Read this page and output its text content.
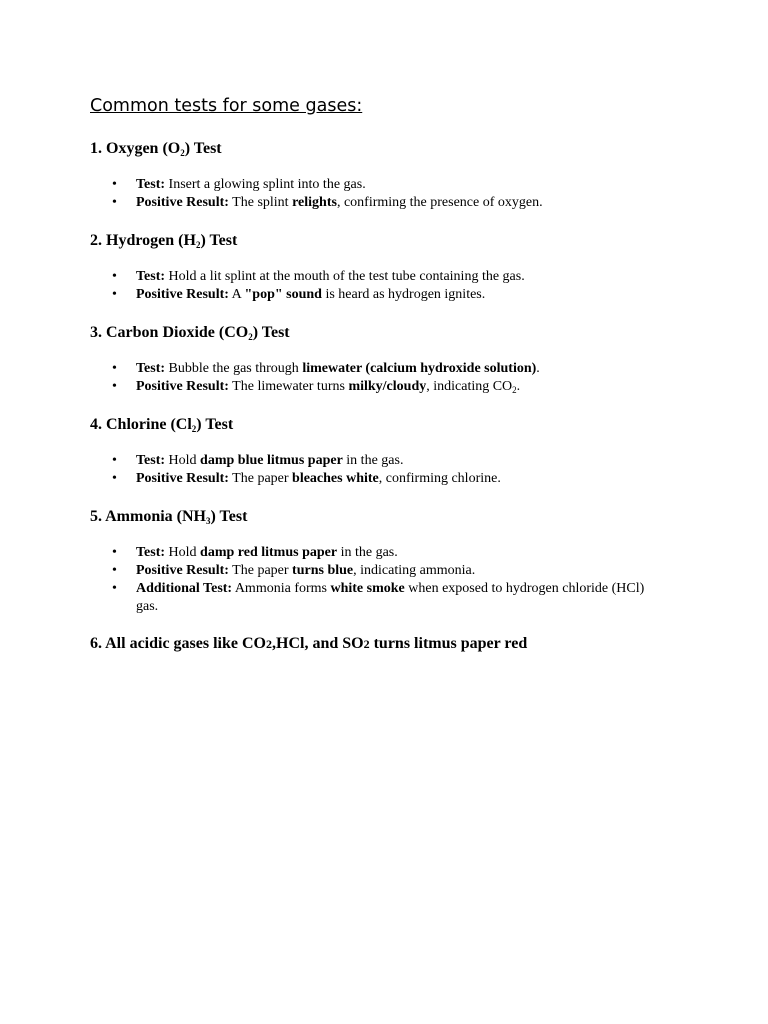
Common tests for some gases:
1. Oxygen $(O_2)$ Test
• Test: Insert a glowing splint into the gas.
• Positive Result: The splint relights, confirming the presence of oxygen.
2. Hydrogen $(H_2)$ Test
• Test: Hold a lit splint at the mouth of the test tube containing the gas.
• Positive Result: A "pop" sound is heard as hydrogen ignites.
3. Carbon Dioxide $(CO_2)$ Test
• Test: Bubble the gas through limewater (calcium hydroxide solution).
• Positive Result: The limewater turns milky/cloudy, indicating $CO_2$.
4. Chlorine $(Cl_2)$ Test
• Test: Hold damp blue litmus paper in the gas.
• Positive Result: The paper bleaches white, confirming chlorine.
5. Ammonia $(NH_3)$ Test
• Test: Hold damp red litmus paper in the gas.
• Positive Result: The paper turns blue, indicating ammonia.
• Additional Test: Ammonia forms white smoke when exposed to hydrogen chloride (HCl) gas.
6. All acidic gases like CO2,HCl, and SO2 turns litmus paper red
